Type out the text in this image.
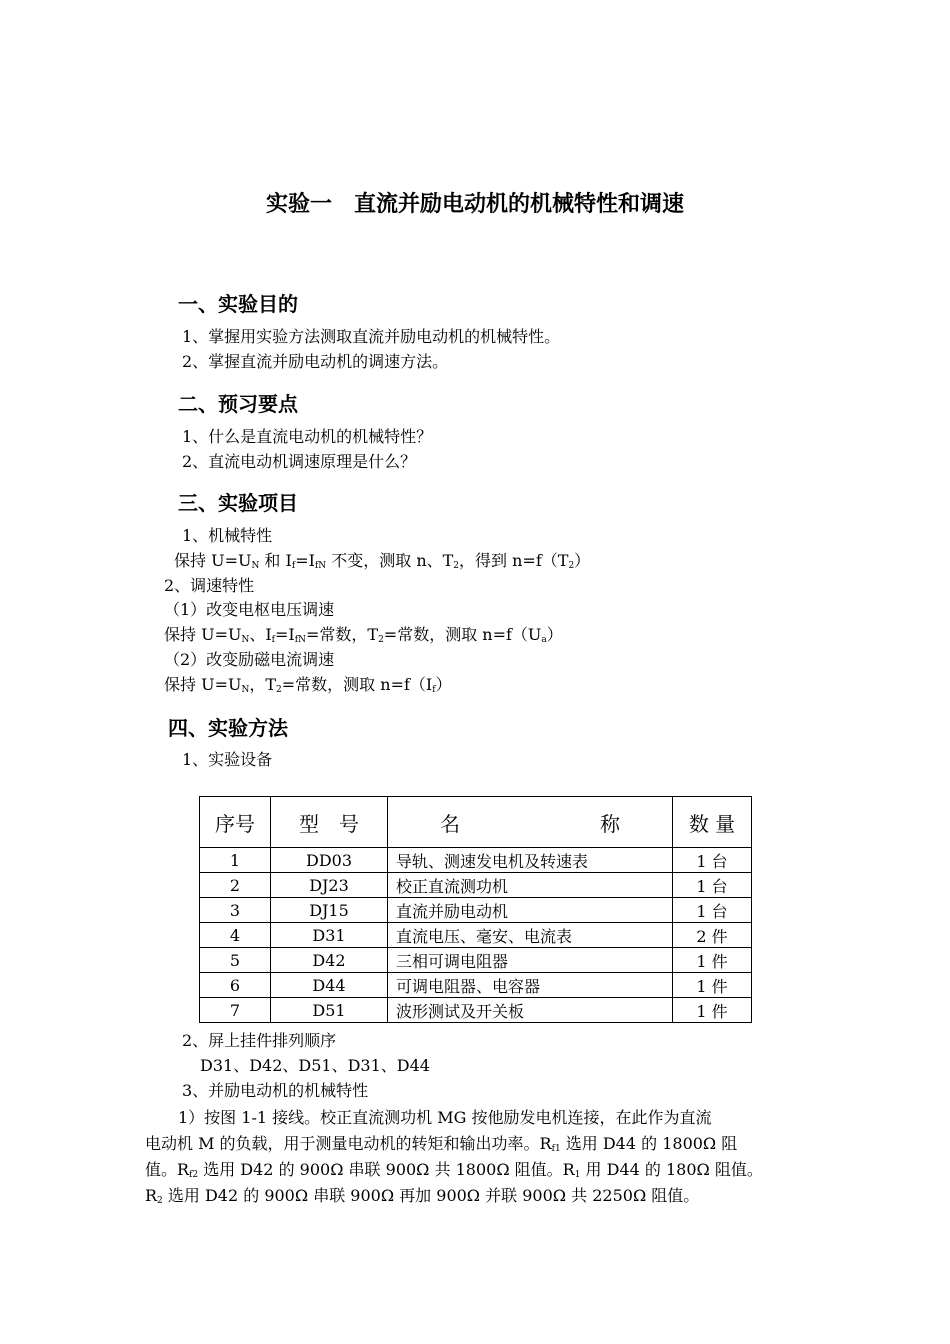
实验一　直流并励电动机的机械特性和调速
一、实验目的
1、掌握用实验方法测取直流并励电动机的机械特性。
2、掌握直流并励电动机的调速方法。
二、预习要点
1、什么是直流电动机的机械特性？
2、直流电动机调速原理是什么？
三、实验项目
1、机械特性
保持 $U=U_N$ 和 $I_f=I_{fN}$ 不变，测取 n、$T_2$，得到 $n=f(T_2)$
2、调速特性
（1）改变电枢电压调速
保持 $U=U_N$、$I_f=I_{fN}=$常数，$T_2=$常数，测取 $n=f(U_a)$
（2）改变励磁电流调速
保持 $U=U_N$，$T_2=$常数，测取 $n=f(I_f)$
四、实验方法
1、实验设备
序号	型　号	名　　　　　　　称	数 量
1	DD03	导轨、测速发电机及转速表	1 台
2	DJ23	校正直流测功机	1 台
3	DJ15	直流并励电动机	1 台
4	D31	直流电压、毫安、电流表	2 件
5	D42	三相可调电阻器	1 件
6	D44	可调电阻器、电容器	1 件
7	D51	波形测试及开关板	1 件
2、屏上挂件排列顺序
D31、D42、D51、D31、D44
3、并励电动机的机械特性
1）按图 1-1 接线。校正直流测功机 MG 按他励发电机连接，在此作为直流
电动机 M 的负载，用于测量电动机的转矩和输出功率。$R_{f1}$ 选用 D44 的 1800Ω 阻
值。$R_{f2}$ 选用 D42 的 900Ω 串联 900Ω 共 1800Ω 阻值。$R_1$ 用 D44 的 180Ω 阻值。
$R_2$ 选用 D42 的 900Ω 串联 900Ω 再加 900Ω 并联 900Ω 共 2250Ω 阻值。
